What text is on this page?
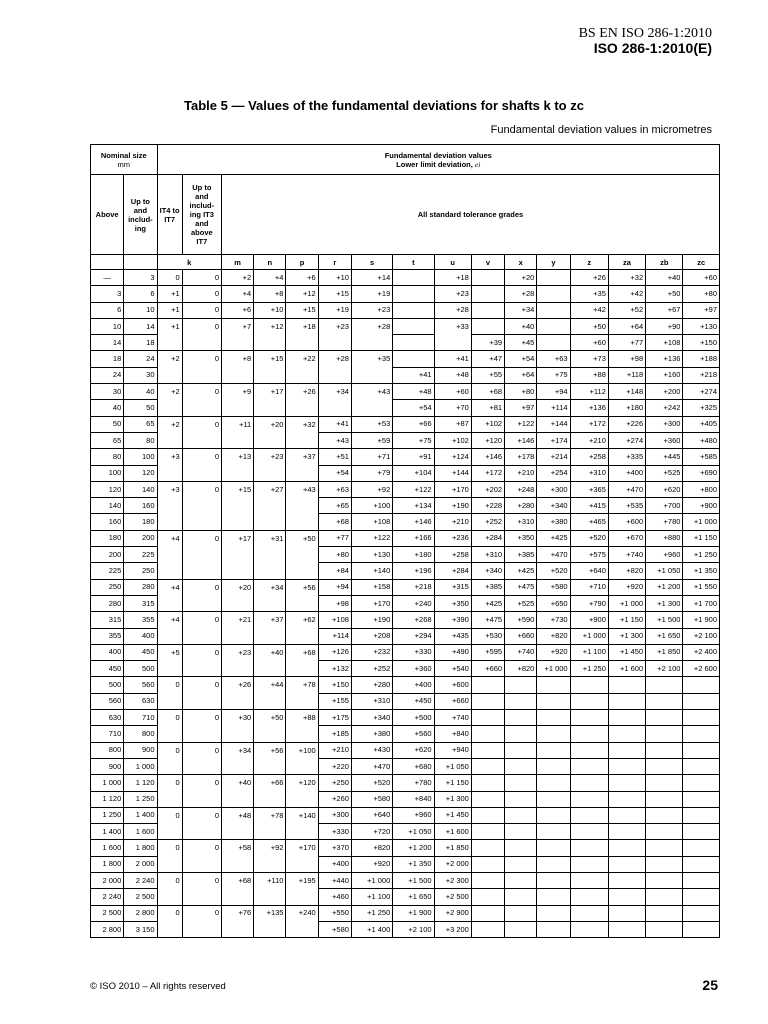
BS EN ISO 286-1:2010
ISO 286-1:2010(E)
Table 5 — Values of the fundamental deviations for shafts k to zc
Fundamental deviation values in micrometres
Nominal size
mm		Fundamental deviation values
Lower limit deviation, ei															
Above	Up to and includ-ing	IT4 to IT7	Up to and includ-ing IT3 and above IT7	All standard tolerance grades													
		k		m	n	p	r	s	t	u	v	x	y	z	za	zb	zc
—	3	0	0	+2	+4	+6	+10	+14		+18		+20		+26	+32	+40	+60
3	6	+1	0	+4	+8	+12	+15	+19		+23		+28		+35	+42	+50	+80
6	10	+1	0	+6	+10	+15	+19	+23		+28		+34		+42	+52	+67	+97
10	14	+1	0	+7	+12	+18	+23	+28		+33		+40		+50	+64	+90	+130
14	18										+39	+45		+60	+77	+108	+150
18	24	+2	0	+8	+15	+22	+28	+35		+41	+47	+54	+63	+73	+98	+136	+188
24	30								+41	+48	+55	+64	+75	+88	+118	+160	+218
30	40	+2	0	+9	+17	+26	+34	+43	+48	+60	+68	+80	+94	+112	+148	+200	+274
40	50								+54	+70	+81	+97	+114	+136	+180	+242	+325
50	65	+2	0	+11	+20	+32	+41	+53	+66	+87	+102	+122	+144	+172	+226	+300	+405
65	80						+43	+59	+75	+102	+120	+146	+174	+210	+274	+360	+480
80	100	+3	0	+13	+23	+37	+51	+71	+91	+124	+146	+178	+214	+258	+335	+445	+585
100	120						+54	+79	+104	+144	+172	+210	+254	+310	+400	+525	+690
120	140	+3	0	+15	+27	+43	+63	+92	+122	+170	+202	+248	+300	+365	+470	+620	+800
140	160						+65	+100	+134	+190	+228	+280	+340	+415	+535	+700	+900
160	180						+68	+108	+146	+210	+252	+310	+380	+465	+600	+780	+1 000
180	200	+4	0	+17	+31	+50	+77	+122	+166	+236	+284	+350	+425	+520	+670	+880	+1 150
200	225						+80	+130	+180	+258	+310	+385	+470	+575	+740	+960	+1 250
225	250						+84	+140	+196	+284	+340	+425	+520	+640	+820	+1 050	+1 350
250	280	+4	0	+20	+34	+56	+94	+158	+218	+315	+385	+475	+580	+710	+920	+1 200	+1 550
280	315						+98	+170	+240	+350	+425	+525	+650	+790	+1 000	+1 300	+1 700
315	355	+4	0	+21	+37	+62	+108	+190	+268	+390	+475	+590	+730	+900	+1 150	+1 500	+1 900
355	400						+114	+208	+294	+435	+530	+660	+820	+1 000	+1 300	+1 650	+2 100
400	450	+5	0	+23	+40	+68	+126	+232	+330	+490	+595	+740	+920	+1 100	+1 450	+1 850	+2 400
450	500						+132	+252	+360	+540	+660	+820	+1 000	+1 250	+1 600	+2 100	+2 600
500	560	0	0	+26	+44	+78	+150	+280	+400	+600							
560	630						+155	+310	+450	+660							
630	710	0	0	+30	+50	+88	+175	+340	+500	+740							
710	800						+185	+380	+560	+840							
800	900	0	0	+34	+56	+100	+210	+430	+620	+940							
900	1 000						+220	+470	+680	+1 050							
1 000	1 120	0	0	+40	+66	+120	+250	+520	+780	+1 150							
1 120	1 250						+260	+580	+840	+1 300							
1 250	1 400	0	0	+48	+78	+140	+300	+640	+960	+1 450							
1 400	1 600						+330	+720	+1 050	+1 600							
1 600	1 800	0	0	+58	+92	+170	+370	+820	+1 200	+1 850							
1 800	2 000						+400	+920	+1 350	+2 000							
2 000	2 240	0	0	+68	+110	+195	+440	+1 000	+1 500	+2 300							
2 240	2 500						+460	+1 100	+1 650	+2 500							
2 500	2 800	0	0	+76	+135	+240	+550	+1 250	+1 900	+2 900							
2 800	3 150						+580	+1 400	+2 100	+3 200							
© ISO 2010 – All rights reserved	25
